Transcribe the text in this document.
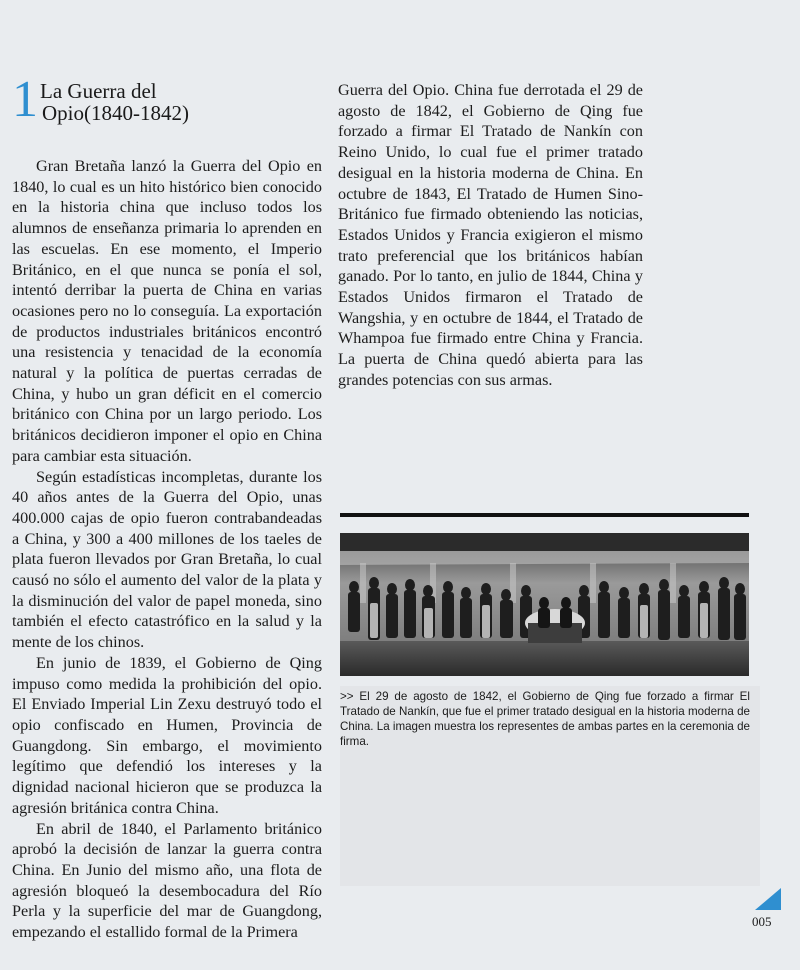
1 La Guerra del
Opio(1840-1842)

Gran Bretaña lanzó la Guerra del Opio en 1840, lo cual es un hito histórico bien conocido en la historia china que incluso todos los alumnos de enseñanza primaria lo aprenden en las escuelas. En ese momento, el Imperio Británico, en el que nunca se ponía el sol, intentó derribar la puerta de China en varias ocasiones pero no lo conseguía. La exportación de productos industriales británicos encontró una resistencia y tenacidad de la economía natural y la política de puertas cerradas de China, y hubo un gran déficit en el comercio británico con China por un largo periodo. Los británicos decidieron imponer el opio en China para cambiar esta situación.

Según estadísticas incompletas, durante los 40 años antes de la Guerra del Opio, unas 400.000 cajas de opio fueron contrabandeadas a China, y 300 a 400 millones de los taeles de plata fueron llevados por Gran Bretaña, lo cual causó no sólo el aumento del valor de la plata y la disminución del valor de papel moneda, sino también el efecto catastrófico en la salud y la mente de los chinos.

En junio de 1839, el Gobierno de Qing impuso como medida la prohibición del opio. El Enviado Imperial Lin Zexu destruyó todo el opio confiscado en Humen, Provincia de Guangdong. Sin embargo, el movimiento legítimo que defendió los intereses y la dignidad nacional hicieron que se produzca la agresión británica contra China.

En abril de 1840, el Parlamento británico aprobó la decisión de lanzar la guerra contra China. En Junio del mismo año, una flota de agresión bloqueó la desembocadura del Río Perla y la superficie del mar de Guangdong, empezando el estallido formal de la Primera

Guerra del Opio. China fue derrotada el 29 de agosto de 1842, el Gobierno de Qing fue forzado a firmar El Tratado de Nankín con Reino Unido, lo cual fue el primer tratado desigual en la historia moderna de China. En octubre de 1843, El Tratado de Humen Sino-Británico fue firmado obteniendo las noticias, Estados Unidos y Francia exigieron el mismo trato preferencial que los británicos habían ganado. Por lo tanto, en julio de 1844, China y Estados Unidos firmaron el Tratado de Wangshia, y en octubre de 1844, el Tratado de Whampoa fue firmado entre China y Francia. La puerta de China quedó abierta para las grandes potencias con sus armas.

>> El 29 de agosto de 1842, el Gobierno de Qing fue forzado a firmar El Tratado de Nankín, que fue el primer tratado desigual en la historia moderna de China. La imagen muestra los representes de ambas partes en la ceremonia de firma.
005
